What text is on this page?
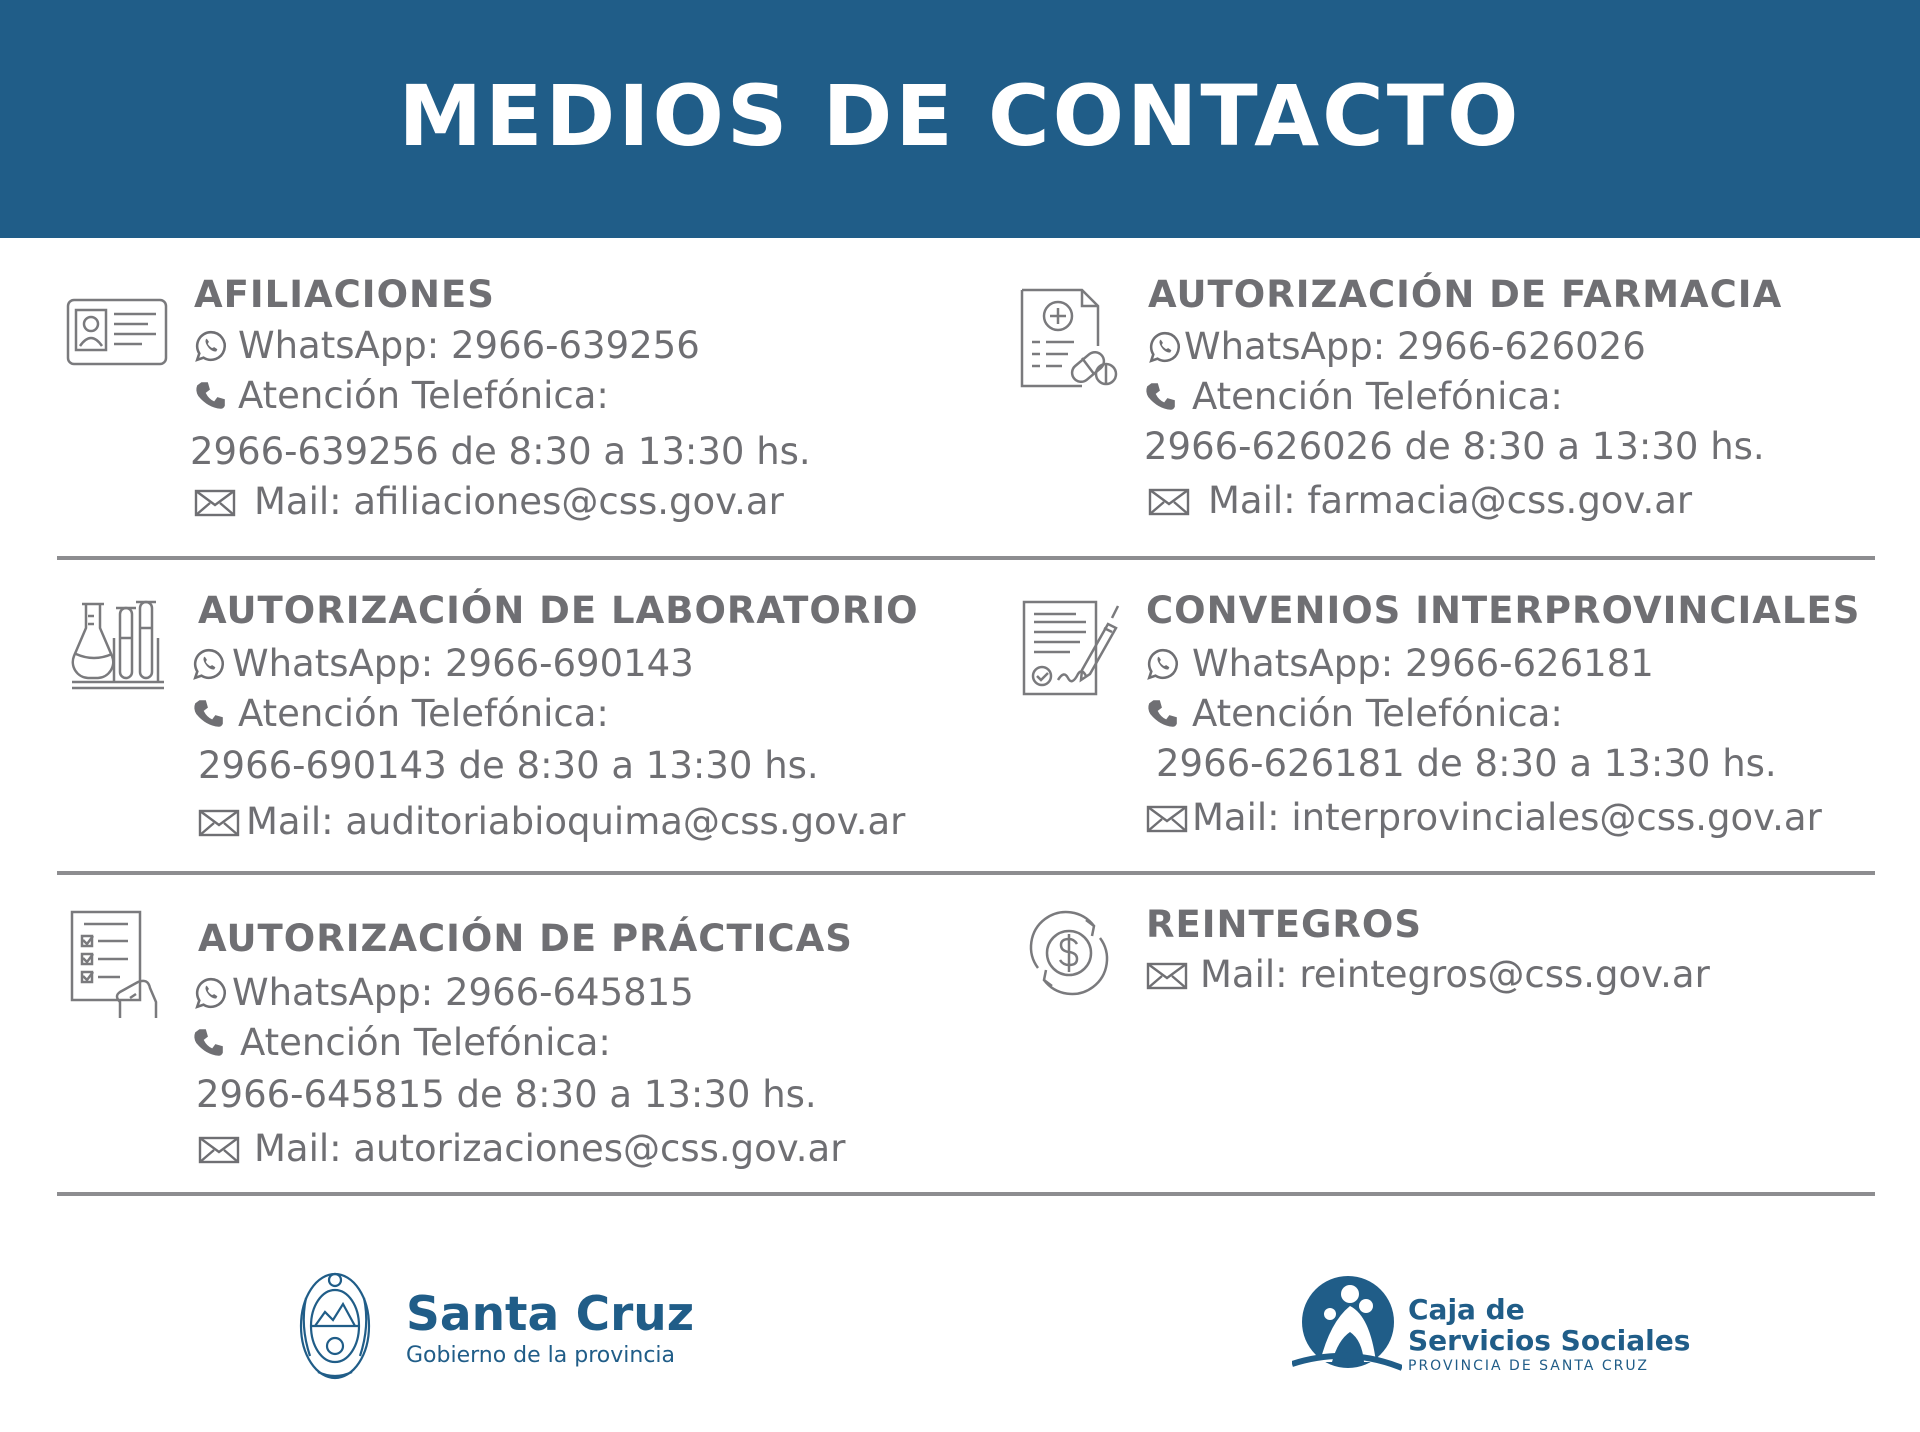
MEDIOS DE CONTACTO
AFILIACIONES
WhatsApp: 2966-639256
Atención Telefónica:
2966-639256 de 8:30 a 13:30 hs.
Mail: afiliaciones@css.gov.ar
AUTORIZACIÓN DE FARMACIA
WhatsApp: 2966-626026
Atención Telefónica:
2966-626026 de 8:30 a 13:30 hs.
Mail: farmacia@css.gov.ar
AUTORIZACIÓN DE LABORATORIO
WhatsApp: 2966-690143
Atención Telefónica:
2966-690143 de 8:30 a 13:30 hs.
Mail: auditoriabioquima@css.gov.ar
CONVENIOS INTERPROVINCIALES
WhatsApp: 2966-626181
Atención Telefónica:
2966-626181 de 8:30 a 13:30 hs.
Mail: interprovinciales@css.gov.ar
AUTORIZACIÓN DE PRÁCTICAS
WhatsApp: 2966-645815
Atención Telefónica:
2966-645815 de 8:30 a 13:30 hs.
Mail: autorizaciones@css.gov.ar
REINTEGROS
Mail: reintegros@css.gov.ar
Santa Cruz
Gobierno de la provincia
Caja de
Servicios Sociales
PROVINCIA DE SANTA CRUZ
